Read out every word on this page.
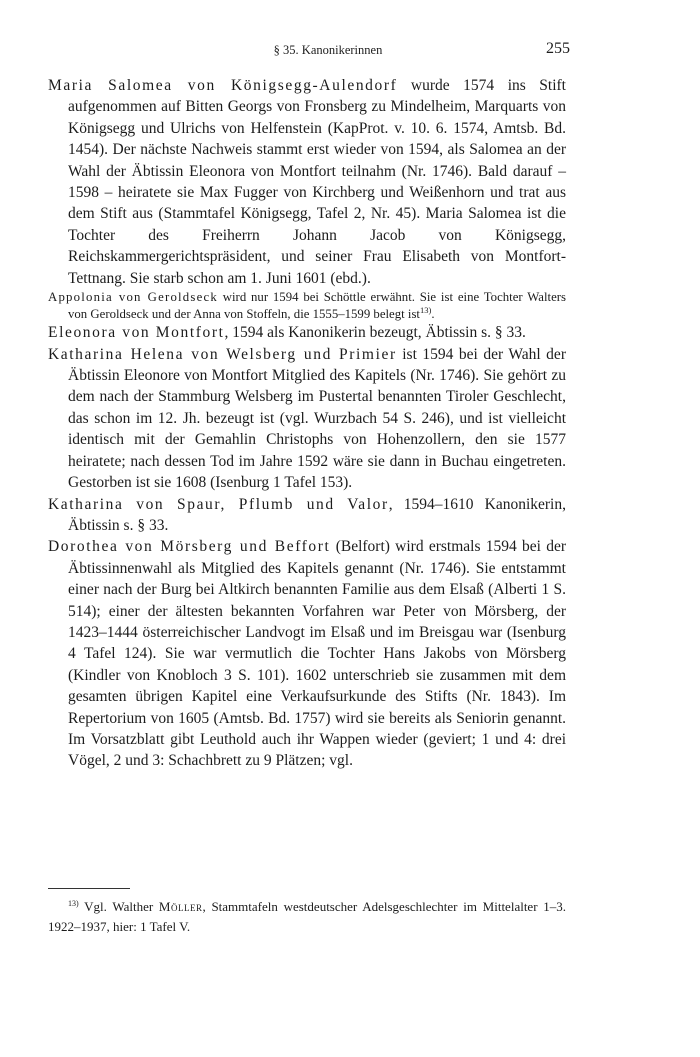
§ 35. Kanonikerinnen	255

Maria Salomea von Königsegg-Aulendorf wurde 1574 ins Stift aufgenommen auf Bitten Georgs von Fronsberg zu Mindelheim, Marquarts von Königsegg und Ulrichs von Helfenstein (KapProt. v. 10. 6. 1574, Amtsb. Bd. 1454). Der nächste Nachweis stammt erst wieder von 1594, als Salomea an der Wahl der Äbtissin Eleonora von Montfort teilnahm (Nr. 1746). Bald darauf – 1598 – heiratete sie Max Fugger von Kirchberg und Weißenhorn und trat aus dem Stift aus (Stammtafel Königsegg, Tafel 2, Nr. 45). Maria Salomea ist die Tochter des Freiherrn Johann Jacob von Königsegg, Reichskammergerichtspräsident, und seiner Frau Elisabeth von Montfort-Tettnang. Sie starb schon am 1. Juni 1601 (ebd.).

Appolonia von Geroldseck wird nur 1594 bei Schöttle erwähnt. Sie ist eine Tochter Walters von Geroldseck und der Anna von Stoffeln, die 1555–1599 belegt ist$^{13)}$.

Eleonora von Montfort, 1594 als Kanonikerin bezeugt, Äbtissin s. § 33.

Katharina Helena von Welsberg und Primier ist 1594 bei der Wahl der Äbtissin Eleonore von Montfort Mitglied des Kapitels (Nr. 1746). Sie gehört zu dem nach der Stammburg Welsberg im Pustertal benannten Tiroler Geschlecht, das schon im 12. Jh. bezeugt ist (vgl. Wurzbach 54 S. 246), und ist vielleicht identisch mit der Gemahlin Christophs von Hohenzollern, den sie 1577 heiratete; nach dessen Tod im Jahre 1592 wäre sie dann in Buchau eingetreten. Gestorben ist sie 1608 (Isenburg 1 Tafel 153).

Katharina von Spaur, Pflumb und Valor, 1594–1610 Kanonikerin, Äbtissin s. § 33.

Dorothea von Mörsberg und Beffort (Belfort) wird erstmals 1594 bei der Äbtissinnenwahl als Mitglied des Kapitels genannt (Nr. 1746). Sie entstammt einer nach der Burg bei Altkirch benannten Familie aus dem Elsaß (Alberti 1 S. 514); einer der ältesten bekannten Vorfahren war Peter von Mörsberg, der 1423–1444 österreichischer Landvogt im Elsaß und im Breisgau war (Isenburg 4 Tafel 124). Sie war vermutlich die Tochter Hans Jakobs von Mörsberg (Kindler von Knobloch 3 S. 101). 1602 unterschrieb sie zusammen mit dem gesamten übrigen Kapitel eine Verkaufsurkunde des Stifts (Nr. 1843). Im Repertorium von 1605 (Amtsb. Bd. 1757) wird sie bereits als Seniorin genannt. Im Vorsatzblatt gibt Leuthold auch ihr Wappen wieder (geviert; 1 und 4: drei Vögel, 2 und 3: Schachbrett zu 9 Plätzen; vgl.

$^{13)}$ Vgl. Walther Möller, Stammtafeln westdeutscher Adelsgeschlechter im Mittelalter 1–3. 1922–1937, hier: 1 Tafel V.
